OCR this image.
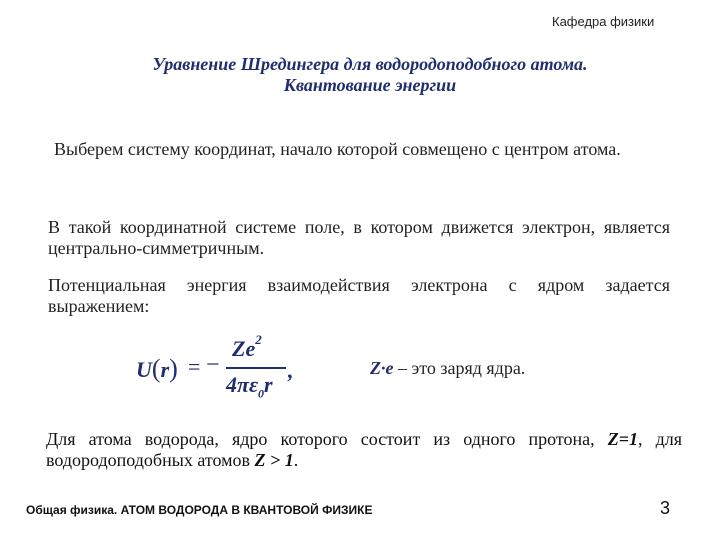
Кафедра физики
Уравнение Шредингера для водородоподобного атома.
Квантование энергии
Выберем систему координат, начало которой совмещено с центром атома.
В такой координатной системе поле, в котором движется электрон, является центрально-симметричным.
Потенциальная энергия взаимодействия электрона с ядром задается выражением:
U(r) = −
$Ze^2$
$4\pi\varepsilon_0r$
,	Z·e – это заряд ядра.
Для атома водорода, ядро которого состоит из одного протона, Z=1, для водородоподобных атомов Z > 1.
Общая физика. АТОМ ВОДОРОДА В КВАНТОВОЙ ФИЗИКЕ	3
